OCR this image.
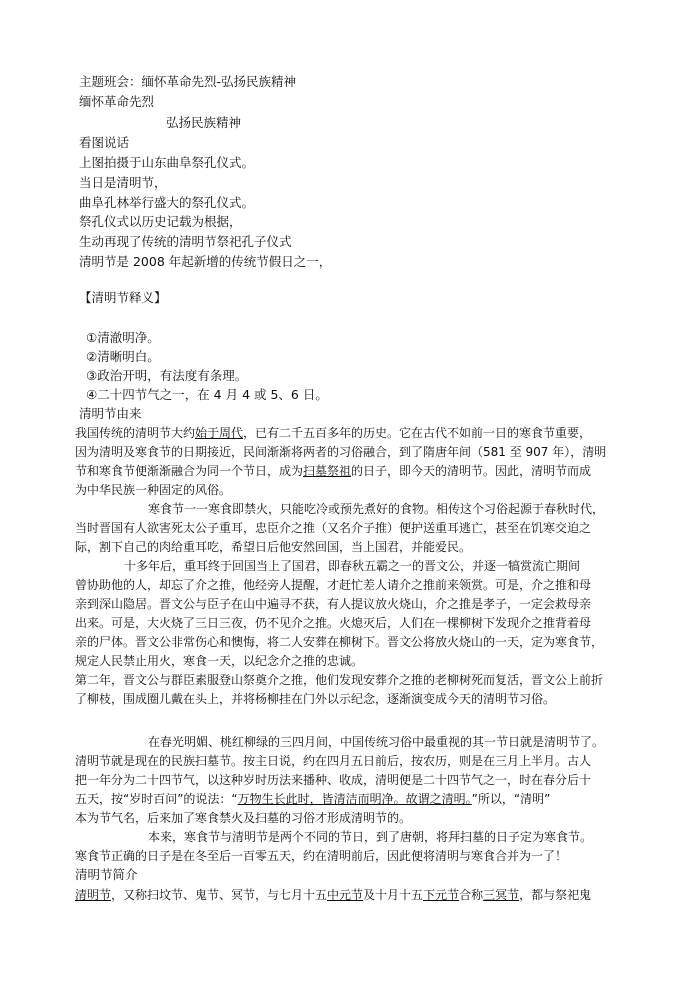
主题班会：缅怀革命先烈-弘扬民族精神
缅怀革命先烈
弘扬民族精神
看图说话
上图拍摄于山东曲阜祭孔仪式。
当日是清明节，
曲阜孔林举行盛大的祭孔仪式。
祭孔仪式以历史记载为根据，
生动再现了传统的清明节祭祀孔子仪式
清明节是 2008 年起新增的传统节假日之一，
【清明节释义】
①清澈明净。
②清晰明白。
③政治开明，有法度有条理。
④二十四节气之一，在 4 月 4 或 5、6 日。
清明节由来
我国传统的清明节大约始于周代，已有二千五百多年的历史。它在古代不如前一日的寒食节重要，
因为清明及寒食节的日期接近，民间渐渐将两者的习俗融合，到了隋唐年间（581 至 907 年），清明
节和寒食节便渐渐融合为同一个节日，成为扫墓祭祖的日子，即今天的清明节。因此，清明节而成
为中华民族一种固定的风俗。
寒食节一一寒食即禁火，只能吃冷或预先煮好的食物。相传这个习俗起源于春秋时代，
当时晋国有人欲害死太公子重耳，忠臣介之推（又名介子推）便护送重耳逃亡，甚至在饥寒交迫之
际，割下自己的肉给重耳吃，希望日后他安然回国，当上国君，并能爱民。
十多年后，重耳终于回国当上了国君，即春秋五霸之一的晋文公，并逐一犒赏流亡期间
曾协助他的人，却忘了介之推，他经旁人提醒，才赶忙差人请介之推前来领赏。可是，介之推和母
亲到深山隐居。晋文公与臣子在山中遍寻不获，有人提议放火烧山，介之推是孝子，一定会救母亲
出来。可是，大火烧了三日三夜，仍不见介之推。火熄灭后，人们在一棵柳树下发现介之推背着母
亲的尸体。晋文公非常伤心和懊悔，将二人安葬在柳树下。晋文公将放火烧山的一天，定为寒食节，
规定人民禁止用火，寒食一天，以纪念介之推的忠诚。
第二年，晋文公与群臣素服登山祭奠介之推，他们发现安葬介之推的老柳树死而复活，晋文公上前折
了柳枝，围成圈儿戴在头上，并将杨柳挂在门外以示纪念，逐渐演变成今天的清明节习俗。
在春光明媚、桃红柳绿的三四月间，中国传统习俗中最重视的其一节日就是清明节了。
清明节就是现在的民族扫墓节。按主日说，约在四月五日前后，按农历，则是在三月上半月。古人
把一年分为二十四节气，以这种岁时历法来播种、收成，清明便是二十四节气之一，时在春分后十
五天，按“岁时百问”的说法：“万物生长此时，皆清洁而明净。故谓之清明。”所以，“清明”
本为节气名，后来加了寒食禁火及扫墓的习俗才形成清明节的。
本来，寒食节与清明节是两个不同的节日，到了唐朝，将拜扫墓的日子定为寒食节。
寒食节正确的日子是在冬至后一百零五天，约在清明前后，因此便将清明与寒食合并为一了！
清明节简介
清明节，又称扫坟节、鬼节、冥节，与七月十五中元节及十月十五下元节合称三冥节，都与祭祀鬼
